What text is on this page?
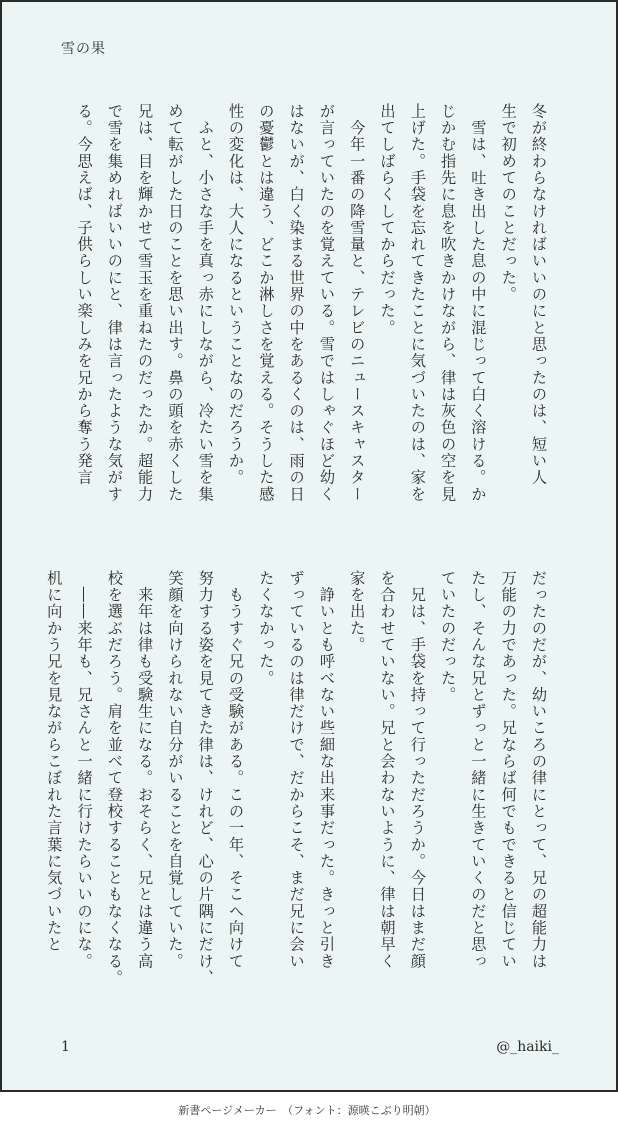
雪の果

冬が終わらなければいいのにと思ったのは、短い人

生で初めてのことだった。

　雪は、吐き出した息の中に混じって白く溶ける。か

じかむ指先に息を吹きかけながら、律は灰色の空を見

上げた。手袋を忘れてきたことに気づいたのは、家を

出てしばらくしてからだった。

　今年一番の降雪量と、テレビのニュースキャスター

が言っていたのを覚えている。雪ではしゃぐほど幼く

はないが、白く染まる世界の中をあるくのは、雨の日

の憂鬱とは違う、どこか淋しさを覚える。そうした感

性の変化は、大人になるということなのだろうか。

　ふと、小さな手を真っ赤にしながら、冷たい雪を集

めて転がした日のことを思い出す。鼻の頭を赤くした

兄は、目を輝かせて雪玉を重ねたのだったか。超能力

で雪を集めればいいのにと、律は言ったような気がす

る。今思えば、子供らしい楽しみを兄から奪う発言

だったのだが、幼いころの律にとって、兄の超能力は

万能の力であった。兄ならば何でもできると信じてい

たし、そんな兄とずっと一緒に生きていくのだと思っ

ていたのだった。

　兄は、手袋を持って行っただろうか。今日はまだ顔

を合わせていない。兄と会わないように、律は朝早く

家を出た。

　諍いとも呼べない些細な出来事だった。きっと引き

ずっているのは律だけで、だからこそ、まだ兄に会い

たくなかった。

　もうすぐ兄の受験がある。この一年、そこへ向けて

努力する姿を見てきた律は、けれど、心の片隅にだけ、

笑顔を向けられない自分がいることを自覚していた。

　来年は律も受験生になる。おそらく、兄とは違う高

校を選ぶだろう。肩を並べて登校することもなくなる。

　――来年も、兄さんと一緒に行けたらいいのにな。

机に向かう兄を見ながらこぼれた言葉に気づいたと

1	@_haiki_
新書ページメーカー　（フォント：源暎こぶり明朝）
